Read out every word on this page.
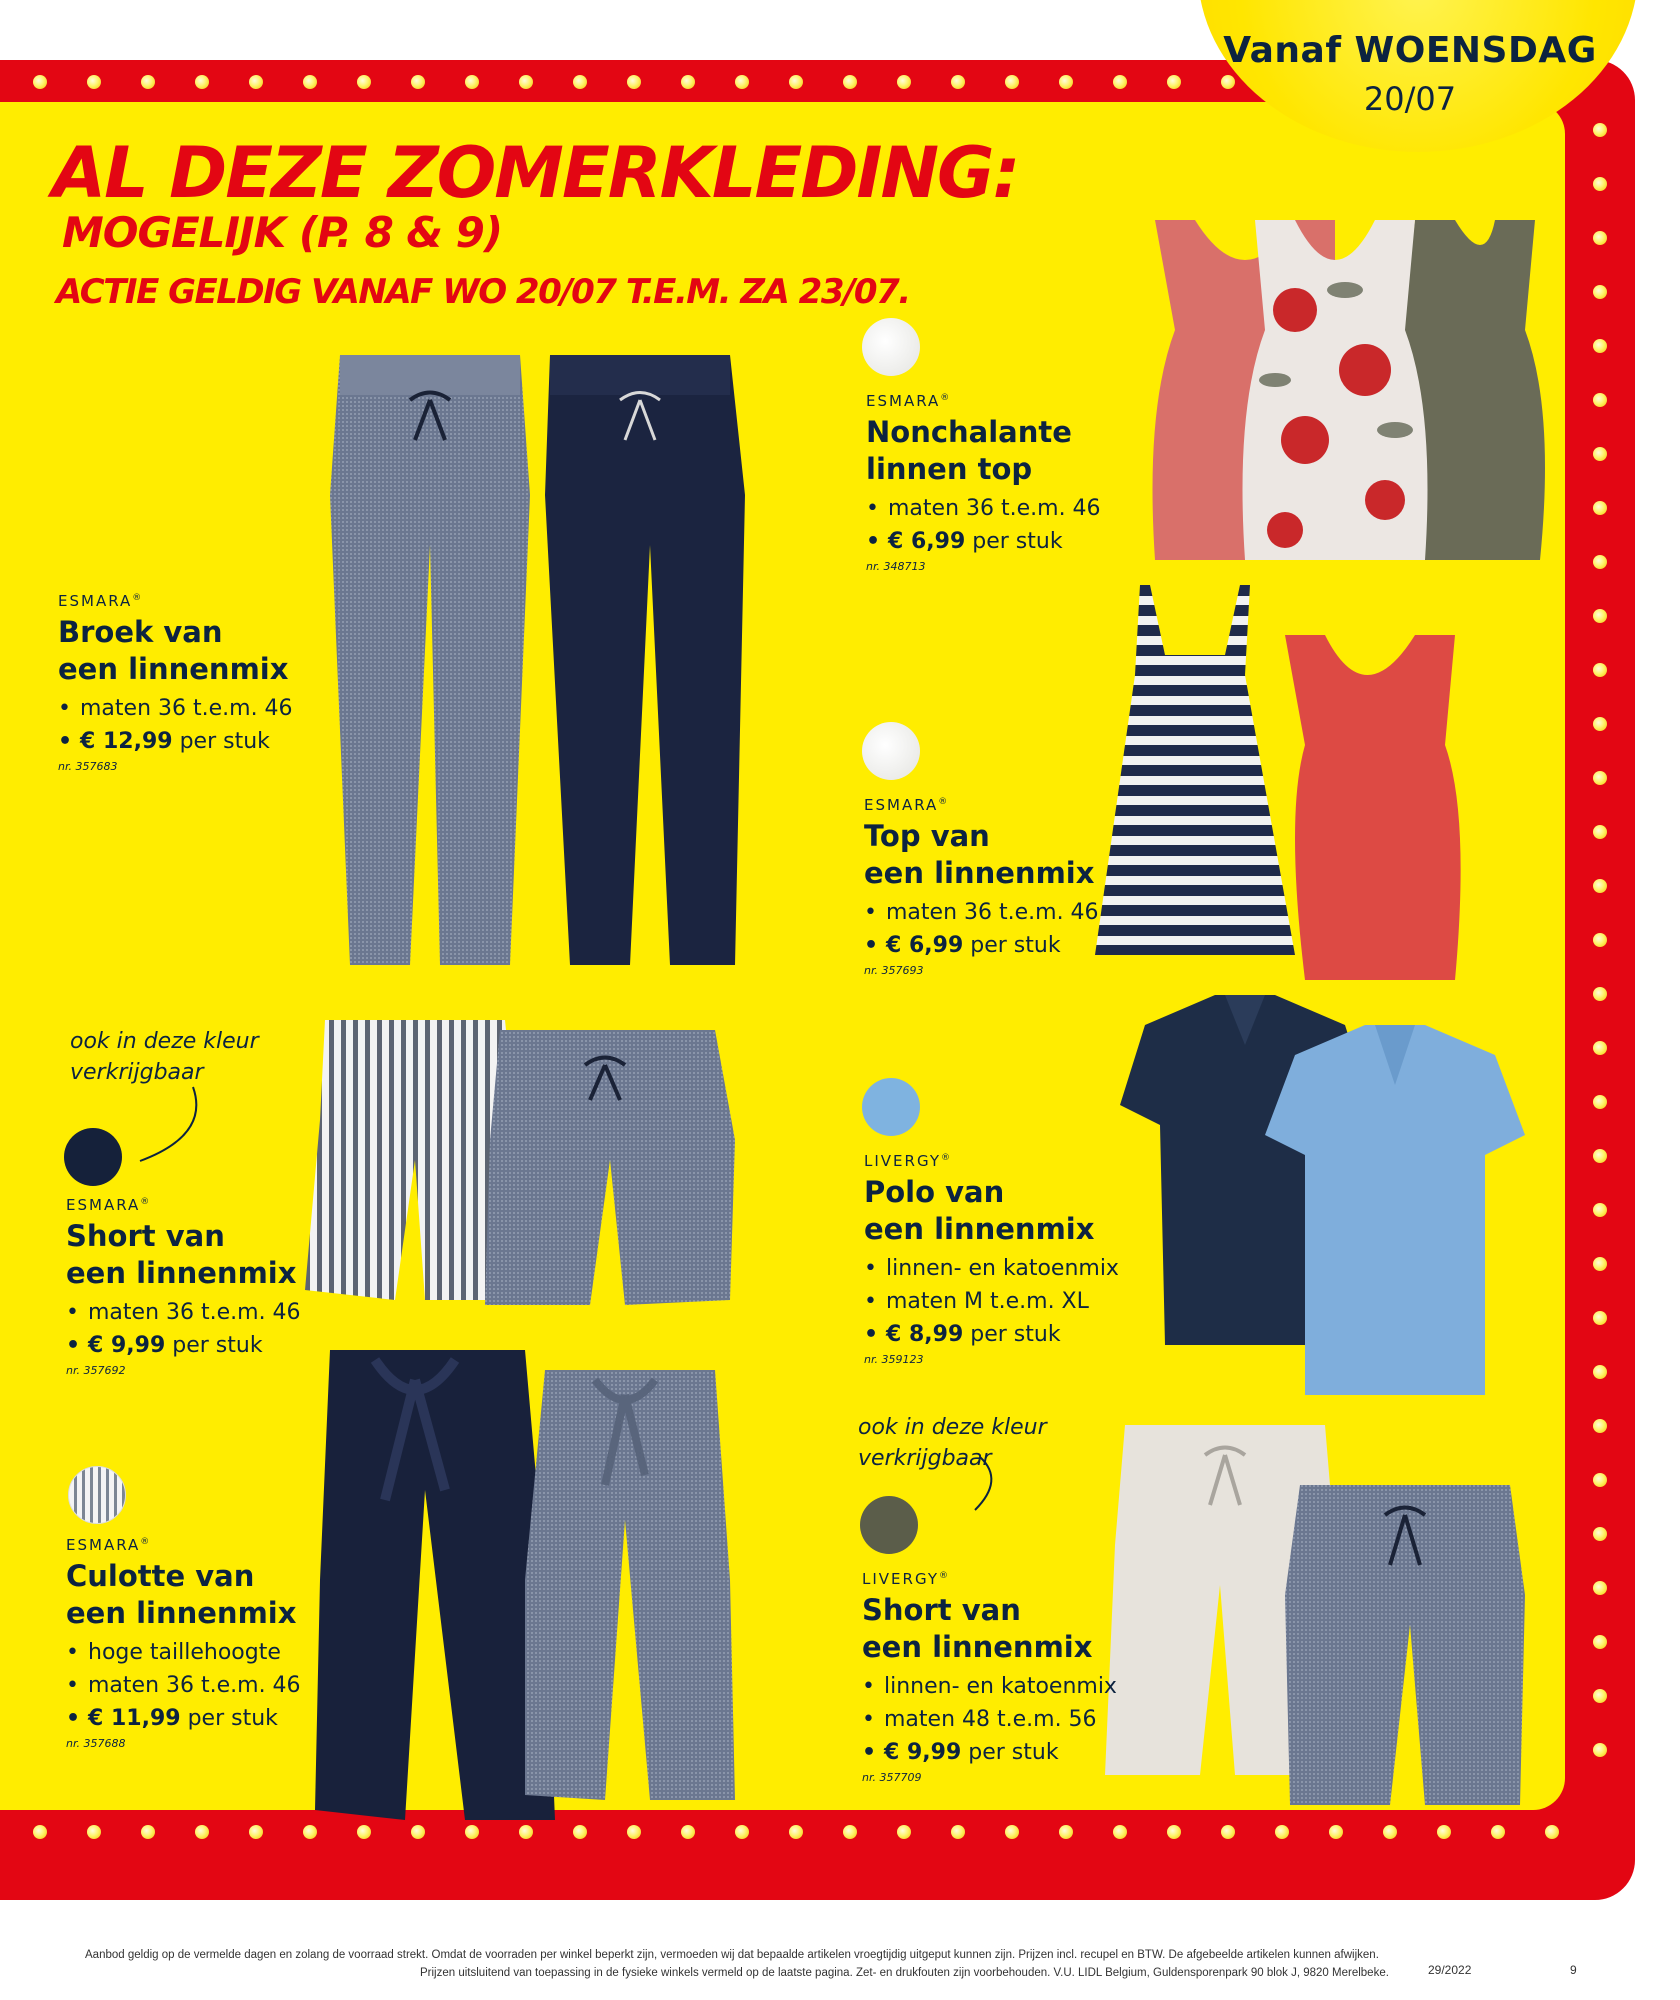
Vanaf WOENSDAG
20/07
AL DEZE ZOMERKLEDING:
MOGELIJK (P. 8 & 9)
ACTIE GELDIG VANAF WO 20/07 T.E.M. ZA 23/07.
ESMARA®
Nonchalante
linnen top
• maten 36 t.e.m. 46
• € 6,99 per stuk
nr. 348713
ESMARA®
Broek van
een linnenmix
• maten 36 t.e.m. 46
• € 12,99 per stuk
nr. 357683
ESMARA®
Top van
een linnenmix
• maten 36 t.e.m. 46
• € 6,99 per stuk
nr. 357693
ook in deze kleur
verkrijgbaar
ESMARA®
Short van
een linnenmix
• maten 36 t.e.m. 46
• € 9,99 per stuk
nr. 357692
LIVERGY®
Polo van
een linnenmix
• linnen- en katoenmix
• maten M t.e.m. XL
• € 8,99 per stuk
nr. 359123
ook in deze kleur
verkrijgbaar
ESMARA®
Culotte van
een linnenmix
• hoge taillehoogte
• maten 36 t.e.m. 46
• € 11,99 per stuk
nr. 357688
LIVERGY®
Short van
een linnenmix
• linnen- en katoenmix
• maten 48 t.e.m. 56
• € 9,99 per stuk
nr. 357709
Aanbod geldig op de vermelde dagen en zolang de voorraad strekt. Omdat de voorraden per winkel beperkt zijn, vermoeden wij dat bepaalde artikelen vroegtijdig uitgeput kunnen zijn. Prijzen incl. recupel en BTW. De afgebeelde artikelen kunnen afwijken.
Prijzen uitsluitend van toepassing in de fysieke winkels vermeld op de laatste pagina. Zet- en drukfouten zijn voorbehouden. V.U. LIDL Belgium, Guldensporenpark 90 blok J, 9820 Merelbeke.	29/2022	9
